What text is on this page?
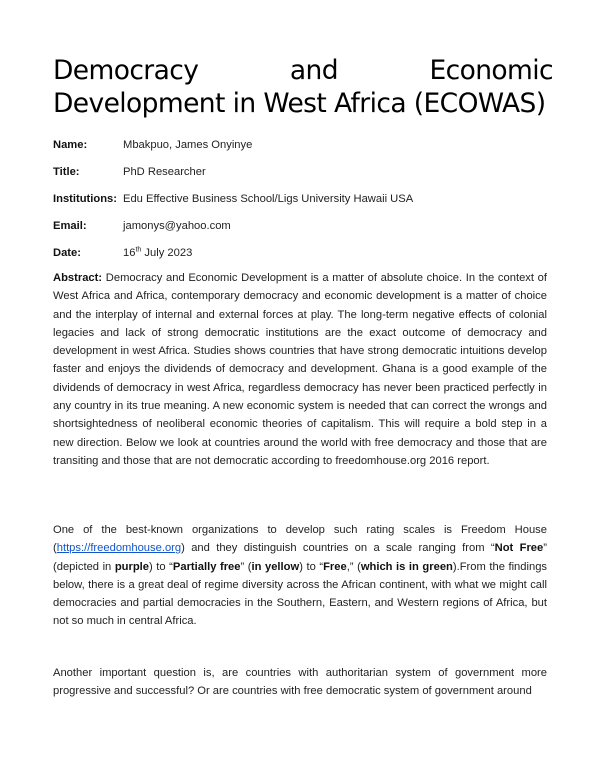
Democracy and Economic Development in West Africa (ECOWAS)
Name:	Mbakpuo, James Onyinye
Title:	PhD Researcher
Institutions: Edu Effective Business School/Ligs University Hawaii USA
Email:	jamonys@yahoo.com
Date:	16th July 2023
Abstract: Democracy and Economic Development is a matter of absolute choice. In the context of West Africa and Africa, contemporary democracy and economic development is a matter of choice and the interplay of internal and external forces at play. The long-term negative effects of colonial legacies and lack of strong democratic institutions are the exact outcome of democracy and development in west Africa. Studies shows countries that have strong democratic intuitions develop faster and enjoys the dividends of democracy and development. Ghana is a good example of the dividends of democracy in west Africa, regardless democracy has never been practiced perfectly in any country in its true meaning. A new economic system is needed that can correct the wrongs and shortsightedness of neoliberal economic theories of capitalism. This will require a bold step in a new direction. Below we look at countries around the world with free democracy and those that are transiting and those that are not democratic according to freedomhouse.org 2016 report.
One of the best-known organizations to develop such rating scales is Freedom House (https://freedomhouse.org) and they distinguish countries on a scale ranging from “Not Free” (depicted in purple) to “Partially free” (in yellow) to “Free,” (which is in green).From the findings below, there is a great deal of regime diversity across the African continent, with what we might call democracies and partial democracies in the Southern, Eastern, and Western regions of Africa, but not so much in central Africa.
Another important question is, are countries with authoritarian system of government more progressive and successful? Or are countries with free democratic system of government around
